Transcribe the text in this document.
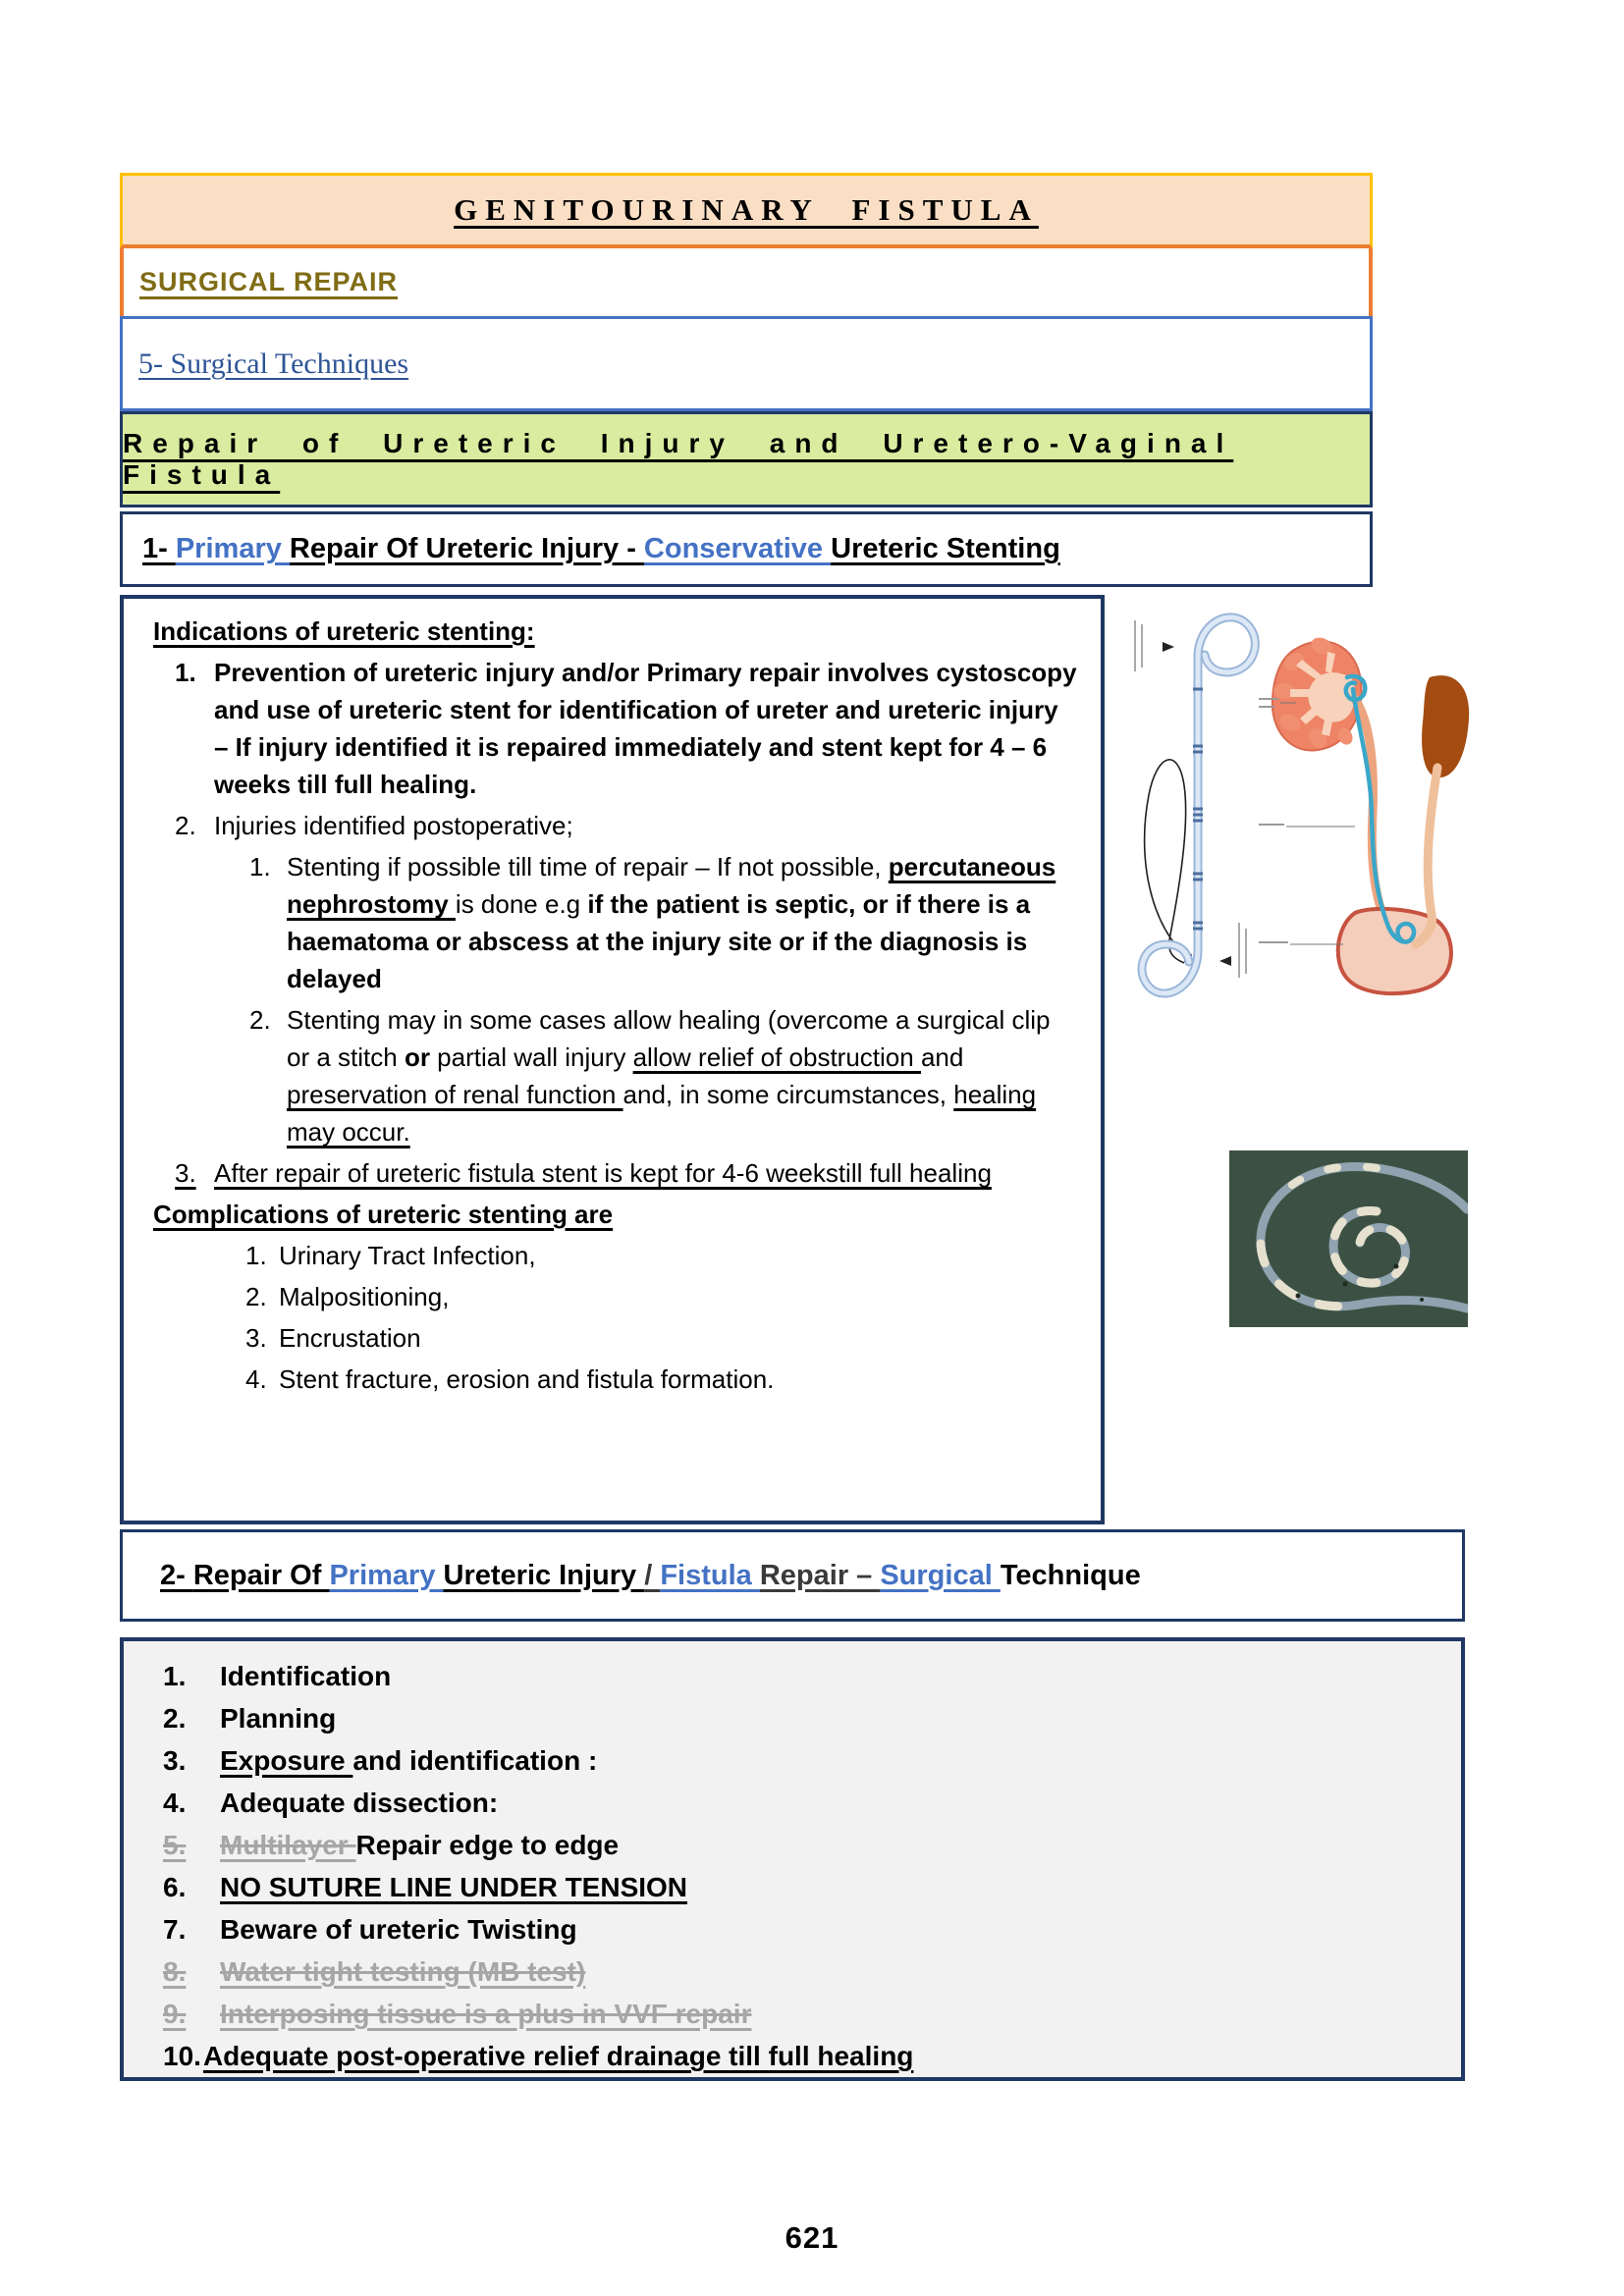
GENITOURINARY FISTULA
SURGICAL REPAIR
5- Surgical Techniques
Repair of Ureteric Injury and Uretero-Vaginal Fistula
1- Primary Repair Of Ureteric Injury - Conservative Ureteric Stenting
Indications of ureteric stenting:
1. Prevention of ureteric injury and/or Primary repair involves cystoscopy and use of ureteric stent for identification of ureter and ureteric injury – If injury identified it is repaired immediately and stent kept for 4 – 6 weeks till full healing.
2. Injuries identified postoperative;
1. Stenting if possible till time of repair – If not possible, percutaneous nephrostomy is done e.g if the patient is septic, or if there is a haematoma or abscess at the injury site or if the diagnosis is delayed
2. Stenting may in some cases allow healing (overcome a surgical clip or a stitch or partial wall injury allow relief of obstruction and preservation of renal function and, in some circumstances, healing may occur.
3. After repair of ureteric fistula stent is kept for 4-6 weekstill full healing
Complications of ureteric stenting are
1. Urinary Tract Infection,
2. Malpositioning,
3. Encrustation
4. Stent fracture, erosion and fistula formation.
2- Repair Of Primary Ureteric Injury / Fistula Repair – Surgical Technique
1.	Identification
2.	Planning
3.	Exposure and identification :
4.	Adequate dissection:
5.	Multilayer Repair edge to edge
6.	NO SUTURE LINE UNDER TENSION
7.	Beware of ureteric Twisting
8.	Water tight testing (MB test)
9.	Interposing tissue is a plus in VVF repair
10. Adequate post-operative relief drainage till full healing
621
